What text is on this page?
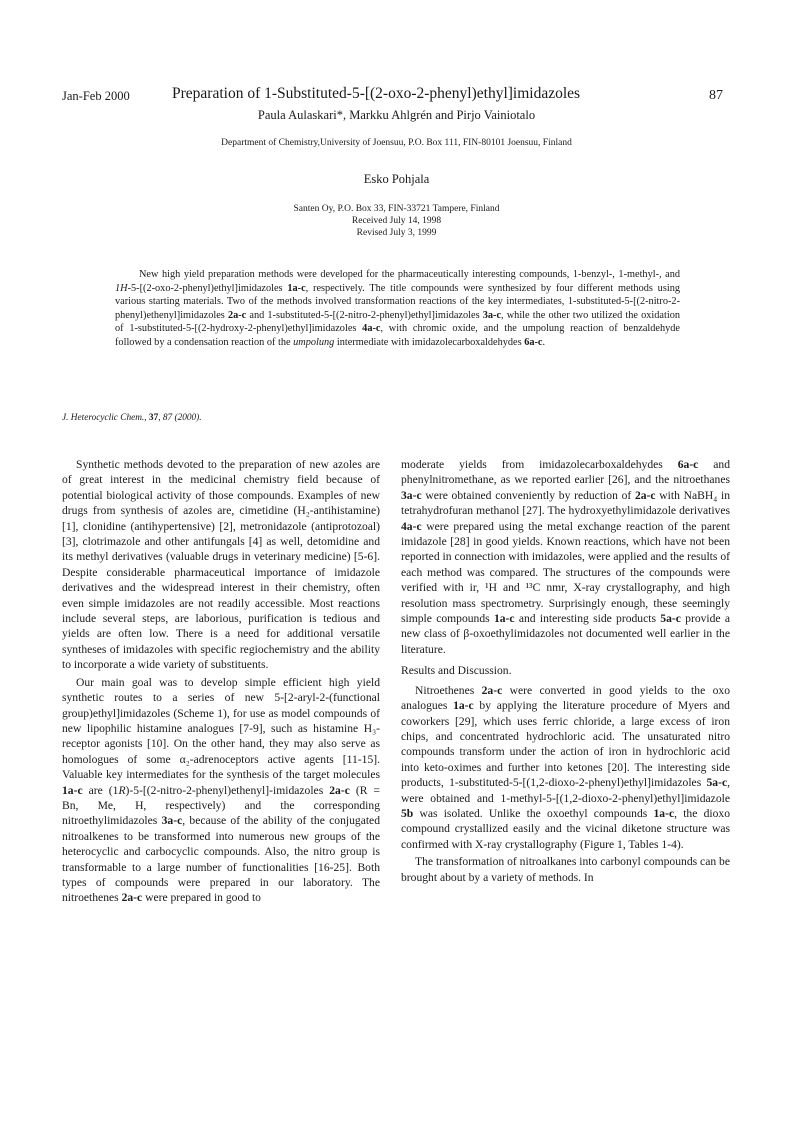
Jan-Feb 2000	87
Preparation of 1-Substituted-5-[(2-oxo-2-phenyl)ethyl]imidazoles
Paula Aulaskari*, Markku Ahlgrén and Pirjo Vainiotalo
Department of Chemistry,University of Joensuu, P.O. Box 111, FIN-80101 Joensuu, Finland
Esko Pohjala
Santen Oy, P.O. Box 33, FIN-33721 Tampere, Finland
Received July 14, 1998
Revised July 3, 1999
New high yield preparation methods were developed for the pharmaceutically interesting compounds, 1-benzyl-, 1-methyl-, and 1H-5-[(2-oxo-2-phenyl)ethyl]imidazoles 1a-c, respectively. The title compounds were synthesized by four different methods using various starting materials. Two of the methods involved transformation reactions of the key intermediates, 1-substituted-5-[(2-nitro-2-phenyl)ethenyl]imidazoles 2a-c and 1-substituted-5-[(2-nitro-2-phenyl)ethyl]imidazoles 3a-c, while the other two utilized the oxidation of 1-substituted-5-[(2-hydroxy-2-phenyl)ethyl]imidazoles 4a-c, with chromic oxide, and the umpolung reaction of benzaldehyde followed by a condensation reaction of the umpolung intermediate with imidazolecarboxaldehydes 6a-c.
J. Heterocyclic Chem., 37, 87 (2000).

Synthetic methods devoted to the preparation of new azoles are of great interest in the medicinal chemistry field because of potential biological activity of those compounds. Examples of new drugs from synthesis of azoles are, cimetidine (H₂-antihistamine) [1], clonidine (antihypertensive) [2], metronidazole (antiprotozoal) [3], clotrimazole and other antifungals [4] as well, detomidine and its methyl derivatives (valuable drugs in veterinary medicine) [5-6]. Despite considerable pharmaceutical importance of imidazole derivatives and the widespread interest in their chemistry, often even simple imidazoles are not readily accessible. Most reactions include several steps, are laborious, purification is tedious and yields are often low. There is a need for additional versatile syntheses of imidazoles with specific regiochemistry and the ability to incorporate a wide variety of substituents.

Our main goal was to develop simple efficient high yield synthetic routes to a series of new 5-[2-aryl-2-(functional group)ethyl]imidazoles (Scheme 1), for use as model compounds of new lipophilic histamine analogues [7-9], such as histamine H₃-receptor agonists [10]. On the other hand, they may also serve as homologues of some α₂-adrenoceptors active agents [11-15]. Valuable key intermediates for the synthesis of the target molecules 1a-c are (1R)-5-[(2-nitro-2-phenyl)ethenyl]-imidazoles 2a-c (R = Bn, Me, H, respectively) and the corresponding nitroethylimidazoles 3a-c, because of the ability of the conjugated nitroalkenes to be transformed into numerous new groups of the heterocyclic and carbocyclic compounds. Also, the nitro group is transformable to a large number of functionalities [16-25]. Both types of compounds were prepared in our laboratory. The nitroethenes 2a-c were prepared in good to

moderate yields from imidazolecarboxaldehydes 6a-c and phenylnitromethane, as we reported earlier [26], and the nitroethanes 3a-c were obtained conveniently by reduction of 2a-c with NaBH₄ in tetrahydrofuran methanol [27]. The hydroxyethylimidazole derivatives 4a-c were prepared using the metal exchange reaction of the parent imidazole [28] in good yields. Known reactions, which have not been reported in connection with imidazoles, were applied and the results of each method was compared. The structures of the compounds were verified with ir, ¹H and ¹³C nmr, X-ray crystallography, and high resolution mass spectrometry. Surprisingly enough, these seemingly simple compounds 1a-c and interesting side products 5a-c provide a new class of β-oxoethylimidazoles not documented well earlier in the literature.

Results and Discussion.

Nitroethenes 2a-c were converted in good yields to the oxo analogues 1a-c by applying the literature procedure of Myers and coworkers [29], which uses ferric chloride, a large excess of iron chips, and concentrated hydrochloric acid. The unsaturated nitro compounds transform under the action of iron in hydrochloric acid into keto-oximes and further into ketones [20]. The interesting side products, 1-substituted-5-[(1,2-dioxo-2-phenyl)ethyl]imidazoles 5a-c, were obtained and 1-methyl-5-[(1,2-dioxo-2-phenyl)ethyl]imidazole 5b was isolated. Unlike the oxoethyl compounds 1a-c, the dioxo compound crystallized easily and the vicinal diketone structure was confirmed with X-ray crystallography (Figure 1, Tables 1-4).

The transformation of nitroalkanes into carbonyl compounds can be brought about by a variety of methods. In
